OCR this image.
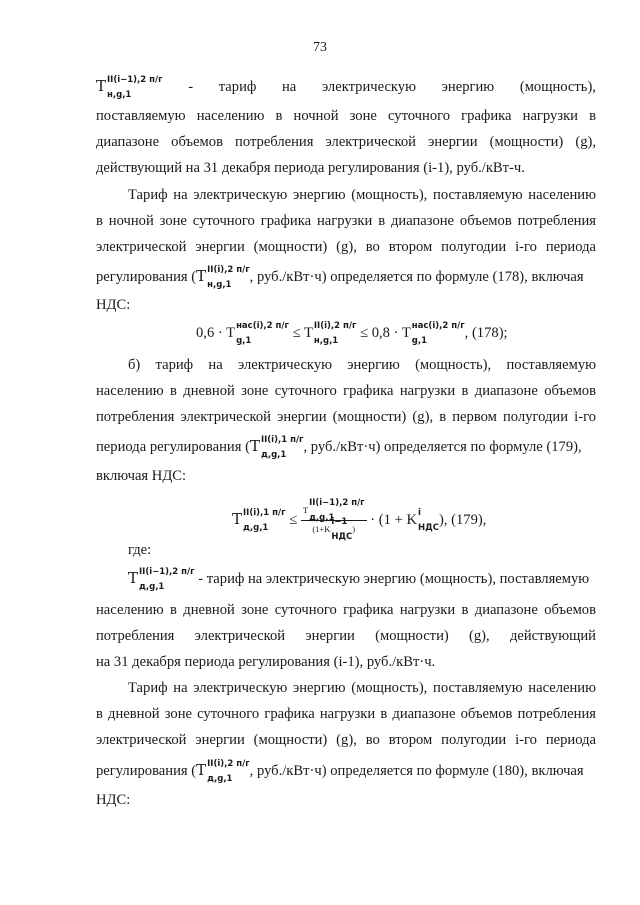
73
T II(i−1),2 п/г
н,g,1	- тариф на электрическую энергию (мощность),
поставляемую населению в ночной зоне суточного графика нагрузки в
диапазоне объемов потребления электрической энергии (мощности) (g),
действующий на 31 декабря периода регулирования (i-1), руб./кВт-ч.
Тариф на электрическую энергию (мощность), поставляемую населению
в ночной зоне суточного графика нагрузки в диапазоне объемов потребления
электрической энергии (мощности) (g), во втором полугодии i-го периода
регулирования (T II(i),2 п/г
н,g,1	, руб./кВт·ч) определяется по формуле (178), включая
НДС:
0,6 · T нас(i),2 п/г
g,1	≤ T II(i),2 п/г
н,g,1	≤ 0,8 · T нас(i),2 п/г
g,1	, (178);
б) тариф на электрическую энергию (мощность), поставляемую
населению в дневной зоне суточного графика нагрузки в диапазоне объемов
потребления электрической энергии (мощности) (g), в первом полугодии i-го
периода регулирования (T II(i),1 п/г
д,g,1	, руб./кВт·ч) определяется по формуле (179),
включая НДС:
T II(i),1 п/г
д,g,1	≤ T
II(i−1),2 п/г
д,g,1
(1+K
i−1
НДС
) · (1 + K i
НДС ), (179),
где:
T II(i−1),2 п/г
д,g,1	- тариф на электрическую энергию (мощность), поставляемую
населению в дневной зоне суточного графика нагрузки в диапазоне объемов
потребления электрической энергии (мощности) (g), действующий
на 31 декабря периода регулирования (i-1), руб./кВт·ч.
Тариф на электрическую энергию (мощность), поставляемую населению
в дневной зоне суточного графика нагрузки в диапазоне объемов потребления
электрической энергии (мощности) (g), во втором полугодии i-го периода
регулирования (T II(i),2 п/г
д,g,1	, руб./кВт·ч) определяется по формуле (180), включая
НДС:
